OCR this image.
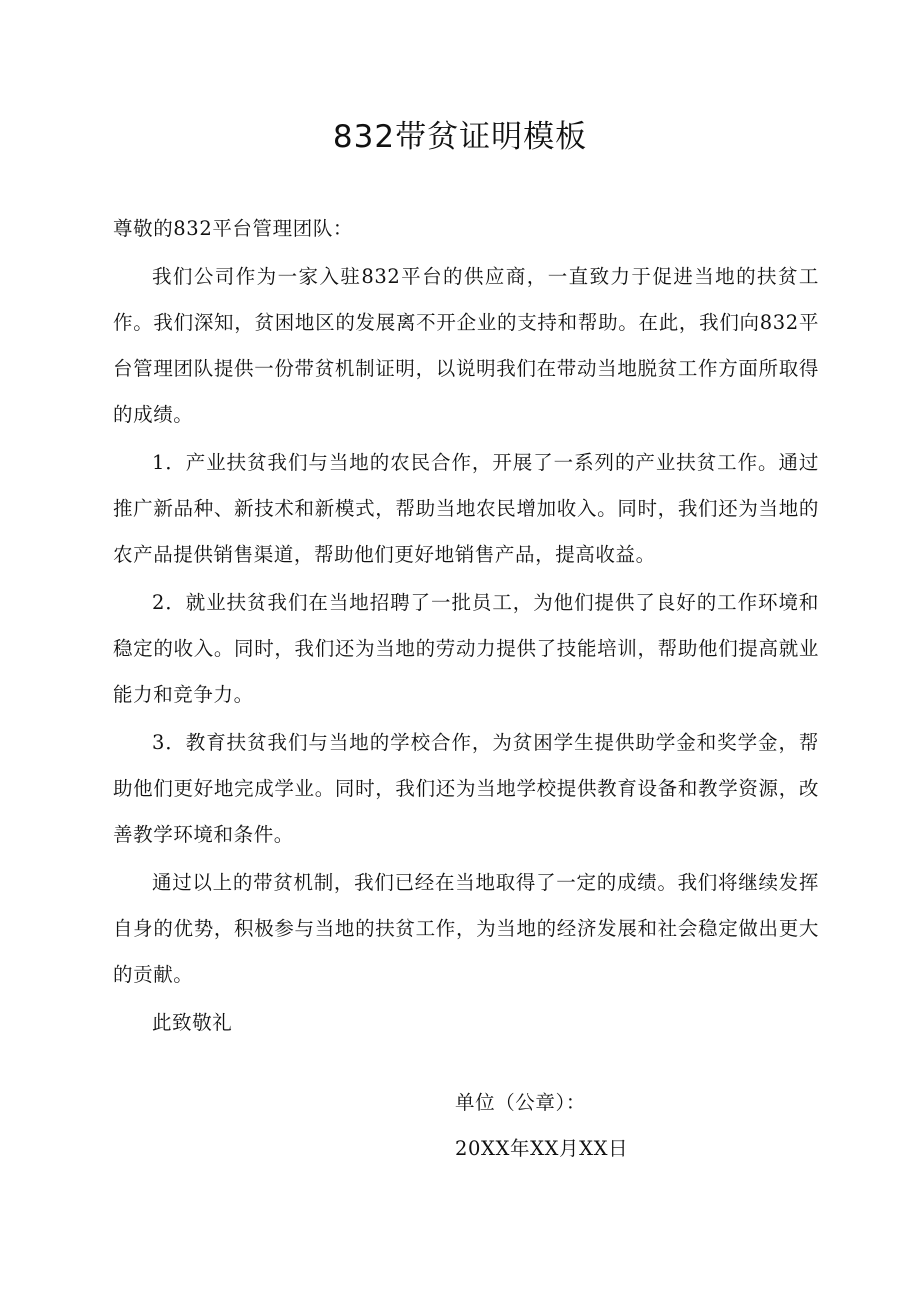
832带贫证明模板

尊敬的832平台管理团队：

我们公司作为一家入驻832平台的供应商，一直致力于促进当地的扶贫工作。我们深知，贫困地区的发展离不开企业的支持和帮助。在此，我们向832平台管理团队提供一份带贫机制证明，以说明我们在带动当地脱贫工作方面所取得的成绩。

1．产业扶贫我们与当地的农民合作，开展了一系列的产业扶贫工作。通过推广新品种、新技术和新模式，帮助当地农民增加收入。同时，我们还为当地的农产品提供销售渠道，帮助他们更好地销售产品，提高收益。

2．就业扶贫我们在当地招聘了一批员工，为他们提供了良好的工作环境和稳定的收入。同时，我们还为当地的劳动力提供了技能培训，帮助他们提高就业能力和竞争力。

3．教育扶贫我们与当地的学校合作，为贫困学生提供助学金和奖学金，帮助他们更好地完成学业。同时，我们还为当地学校提供教育设备和教学资源，改善教学环境和条件。

通过以上的带贫机制，我们已经在当地取得了一定的成绩。我们将继续发挥自身的优势，积极参与当地的扶贫工作，为当地的经济发展和社会稳定做出更大的贡献。

此致敬礼

单位（公章）：
20XX年XX月XX日
